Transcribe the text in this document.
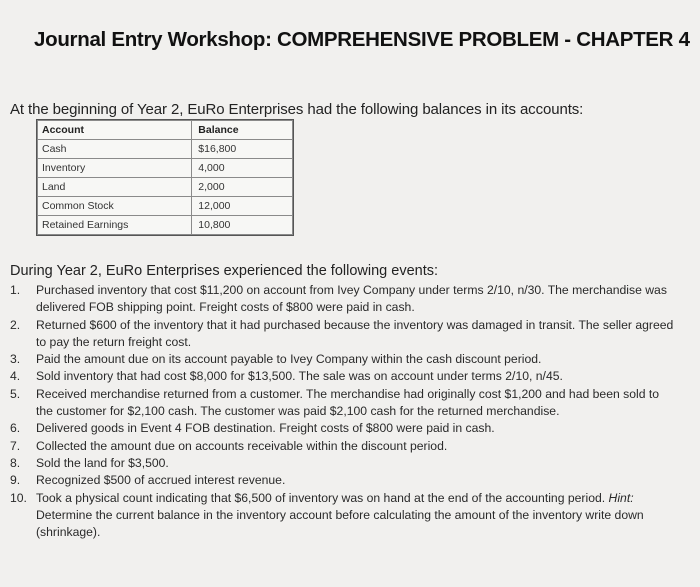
Journal Entry Workshop: COMPREHENSIVE PROBLEM - CHAPTER 4
At the beginning of Year 2, EuRo Enterprises had the following balances in its accounts:
Account	Balance
Cash	$16,800
Inventory	4,000
Land	2,000
Common Stock	12,000
Retained Earnings	10,800
During Year 2, EuRo Enterprises experienced the following events:
1.	Purchased inventory that cost $11,200 on account from Ivey Company under terms 2/10, n/30. The merchandise was delivered FOB shipping point. Freight costs of $800 were paid in cash.
2.	Returned $600 of the inventory that it had purchased because the inventory was damaged in transit. The seller agreed to pay the return freight cost.
3.	Paid the amount due on its account payable to Ivey Company within the cash discount period.
4.	Sold inventory that had cost $8,000 for $13,500. The sale was on account under terms 2/10, n/45.
5.	Received merchandise returned from a customer. The merchandise had originally cost $1,200 and had been sold to the customer for $2,100 cash. The customer was paid $2,100 cash for the returned merchandise.
6.	Delivered goods in Event 4 FOB destination. Freight costs of $800 were paid in cash.
7.	Collected the amount due on accounts receivable within the discount period.
8.	Sold the land for $3,500.
9.	Recognized $500 of accrued interest revenue.
10. Took a physical count indicating that $6,500 of inventory was on hand at the end of the accounting period. Hint: Determine the current balance in the inventory account before calculating the amount of the inventory write down (shrinkage).
